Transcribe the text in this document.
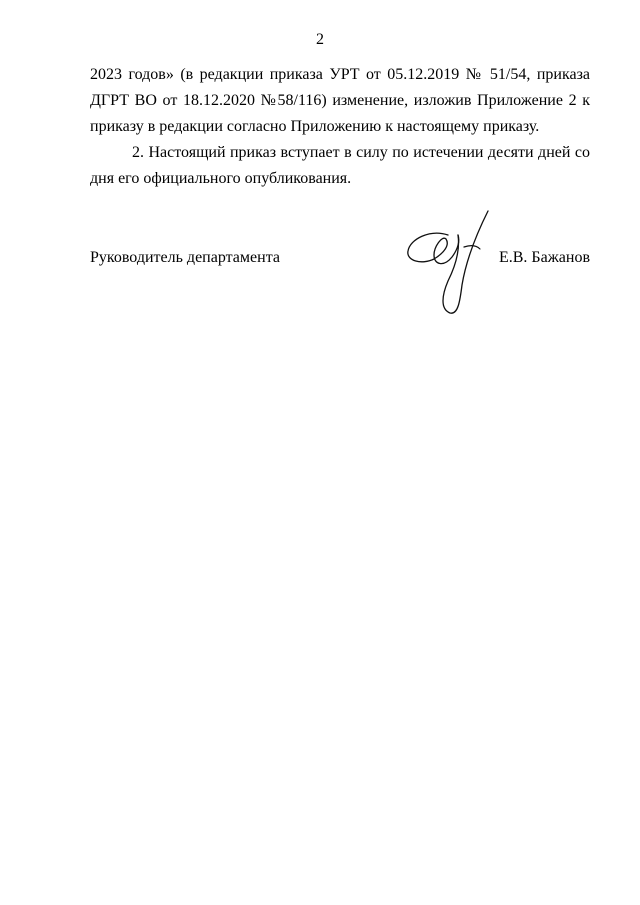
2

2023 годов» (в редакции приказа УРТ от 05.12.2019 № 51/54, приказа ДГРТ ВО от 18.12.2020 №58/116) изменение, изложив Приложение 2 к приказу в редакции согласно Приложению к настоящему приказу.

2. Настоящий приказ вступает в силу по истечении десяти дней со дня его официального опубликования.

Руководитель департамента	Е.В. Бажанов
